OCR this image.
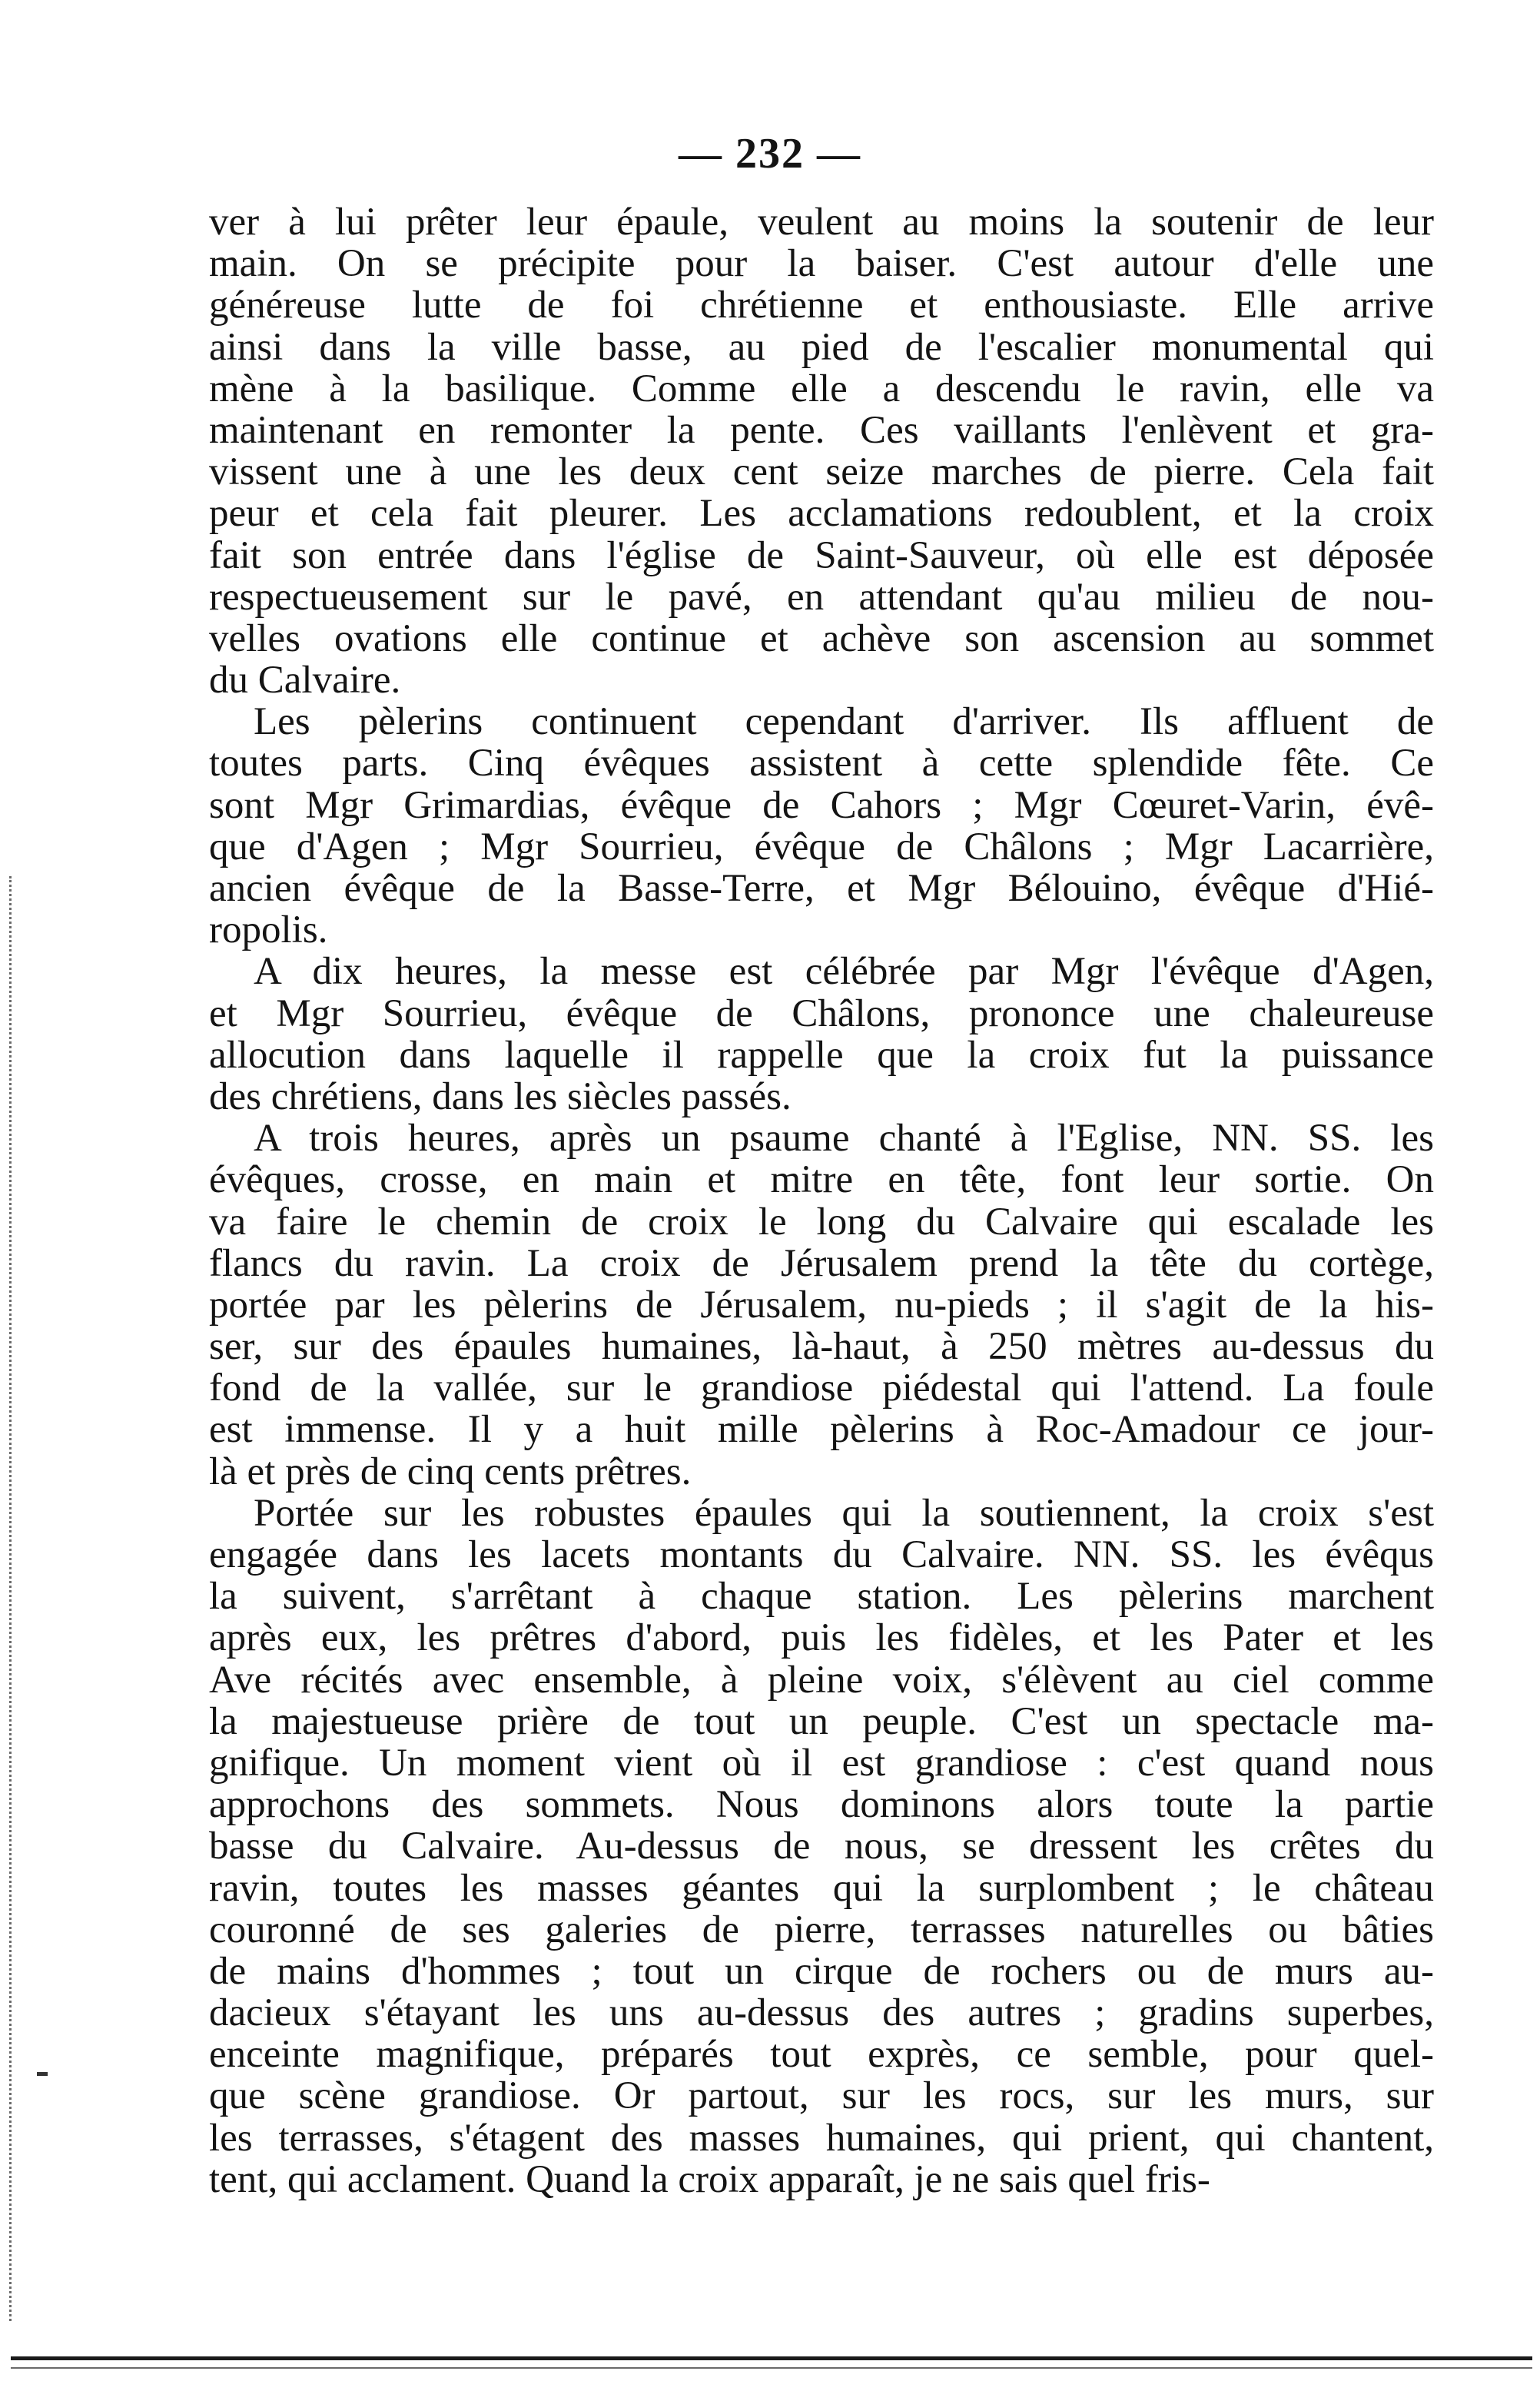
— 232 —
ver à lui prêter leur épaule, veulent au moins la soutenir de leur
main. On se précipite pour la baiser. C'est autour d'elle une
généreuse lutte de foi chrétienne et enthousiaste. Elle arrive
ainsi dans la ville basse, au pied de l'escalier monumental qui
mène à la basilique. Comme elle a descendu le ravin, elle va
maintenant en remonter la pente. Ces vaillants l'enlèvent et gra-
vissent une à une les deux cent seize marches de pierre. Cela fait
peur et cela fait pleurer. Les acclamations redoublent, et la croix
fait son entrée dans l'église de Saint-Sauveur, où elle est déposée
respectueusement sur le pavé, en attendant qu'au milieu de nou-
velles ovations elle continue et achève son ascension au sommet
du Calvaire.
Les pèlerins continuent cependant d'arriver. Ils affluent de
toutes parts. Cinq évêques assistent à cette splendide fête. Ce
sont Mgr Grimardias, évêque de Cahors ; Mgr Cœuret-Varin, évê-
que d'Agen ; Mgr Sourrieu, évêque de Châlons ; Mgr Lacarrière,
ancien évêque de la Basse-Terre, et Mgr Bélouino, évêque d'Hié-
ropolis.
A dix heures, la messe est célébrée par Mgr l'évêque d'Agen,
et Mgr Sourrieu, évêque de Châlons, prononce une chaleureuse
allocution dans laquelle il rappelle que la croix fut la puissance
des chrétiens, dans les siècles passés.
A trois heures, après un psaume chanté à l'Eglise, NN. SS. les
évêques, crosse, en main et mitre en tête, font leur sortie. On
va faire le chemin de croix le long du Calvaire qui escalade les
flancs du ravin. La croix de Jérusalem prend la tête du cortège,
portée par les pèlerins de Jérusalem, nu-pieds ; il s'agit de la his-
ser, sur des épaules humaines, là-haut, à 250 mètres au-dessus du
fond de la vallée, sur le grandiose piédestal qui l'attend. La foule
est immense. Il y a huit mille pèlerins à Roc-Amadour ce jour-
là et près de cinq cents prêtres.
Portée sur les robustes épaules qui la soutiennent, la croix s'est
engagée dans les lacets montants du Calvaire. NN. SS. les évêqus
la suivent, s'arrêtant à chaque station. Les pèlerins marchent
après eux, les prêtres d'abord, puis les fidèles, et les Pater et les
Ave récités avec ensemble, à pleine voix, s'élèvent au ciel comme
la majestueuse prière de tout un peuple. C'est un spectacle ma-
gnifique. Un moment vient où il est grandiose : c'est quand nous
approchons des sommets. Nous dominons alors toute la partie
basse du Calvaire. Au-dessus de nous, se dressent les crêtes du
ravin, toutes les masses géantes qui la surplombent ; le château
couronné de ses galeries de pierre, terrasses naturelles ou bâties
de mains d'hommes ; tout un cirque de rochers ou de murs au-
dacieux s'étayant les uns au-dessus des autres ; gradins superbes,
enceinte magnifique, préparés tout exprès, ce semble, pour quel-
que scène grandiose. Or partout, sur les rocs, sur les murs, sur
les terrasses, s'étagent des masses humaines, qui prient, qui chantent,
tent, qui acclament. Quand la croix apparaît, je ne sais quel fris-
